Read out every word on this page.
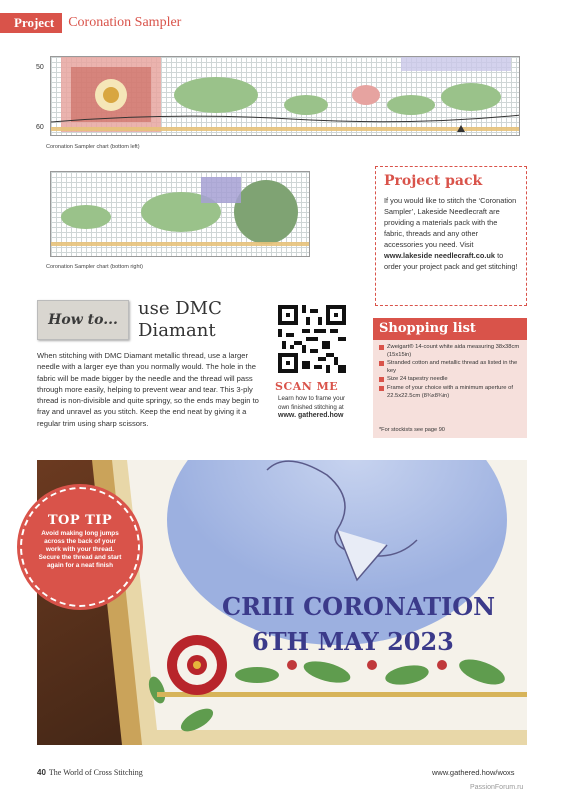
Project	Coronation Sampler
50
60
Coronation Sampler chart (bottom left)
Coronation Sampler chart (bottom right)
Project pack

If you would like to stitch the ‘Coronation Sampler’, Lakeside Needlecraft are providing a materials pack with the fabric, threads and any other accessories you need. Visit www.lakeside needlecraft.co.uk to order your project pack and get stitching!

How to...
use DMC
Diamant

When stitching with DMC Diamant metallic thread, use a larger needle with a larger eye than you normally would. The hole in the fabric will be made bigger by the needle and the thread will pass through more easily, helping to prevent wear and tear. This 3-ply thread is non-divisible and quite springy, so the ends may begin to fray and unravel as you stitch. Keep the end neat by giving it a regular trim using sharp scissors.

SCAN ME
Learn how to frame your own finished stitching at www. gathered.how
Shopping list
Zweigart® 14-count white aida measuring 38x38cm (15x15in)
Stranded cotton and metallic thread as listed in the key
Size 24 tapestry needle
Frame of your choice with a minimum aperture of 22.5x22.5cm (8¾x8¾in)
*For stockists see page 90
CRIII CORONATION
6TH MAY 2023
TOP TIP

Avoid making long jumps across the back of your work with your thread. Secure the thread and start again for a neat finish

40 The World of Cross Stitching	www.gathered.how/woxs
PassionForum.ru
